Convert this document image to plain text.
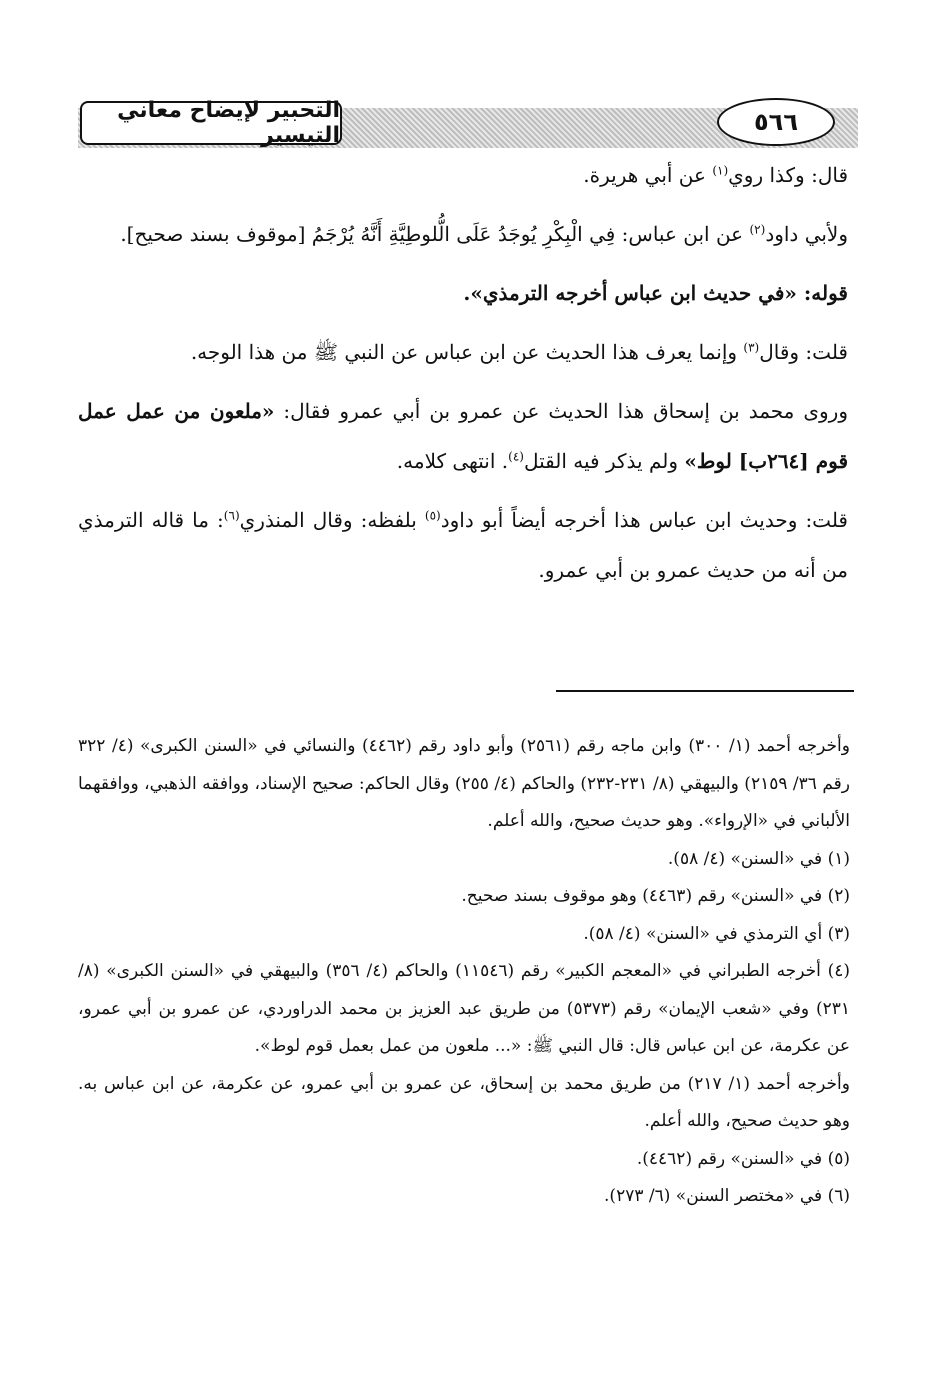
التحبير لإيضاح معاني التيسير	٥٦٦

قال: وكذا روي$^{(١)}$ عن أبي هريرة.

ولأبي داود$^{(٢)}$ عن ابن عباس: فِي الْبِكْرِ يُوجَدُ عَلَى الُّلوطِيَّةِ أَنَّهُ يُرْجَمُ [موقوف بسند صحيح].

قوله: «في حديث ابن عباس أخرجه الترمذي».

قلت: وقال$^{(٣)}$ وإنما يعرف هذا الحديث عن ابن عباس عن النبي ﷺ من هذا الوجه.

وروى محمد بن إسحاق هذا الحديث عن عمرو بن أبي عمرو فقال: «ملعون من عمل عمل قوم [٢٦٤ب] لوط» ولم يذكر فيه القتل$^{(٤)}$. انتهى كلامه.

قلت: وحديث ابن عباس هذا أخرجه أيضاً أبو داود$^{(٥)}$ بلفظه: وقال المنذري$^{(٦)}$: ما قاله الترمذي من أنه من حديث عمرو بن أبي عمرو.

وأخرجه أحمد (١/ ٣٠٠) وابن ماجه رقم (٢٥٦١) وأبو داود رقم (٤٤٦٢) والنسائي في «السنن الكبرى» (٤/ ٣٢٢ رقم ٣٦/ ٢١٥٩) والبيهقي (٨/ ٢٣١-٢٣٢) والحاكم (٤/ ٢٥٥) وقال الحاكم: صحيح الإسناد، ووافقه الذهبي، ووافقهما الألباني في «الإرواء». وهو حديث صحيح، والله أعلم.

(١) في «السنن» (٤/ ٥٨).

(٢) في «السنن» رقم (٤٤٦٣) وهو موقوف بسند صحيح.

(٣) أي الترمذي في «السنن» (٤/ ٥٨).

(٤) أخرجه الطبراني في «المعجم الكبير» رقم (١١٥٤٦) والحاكم (٤/ ٣٥٦) والبيهقي في «السنن الكبرى» (٨/ ٢٣١) وفي «شعب الإيمان» رقم (٥٣٧٣) من طريق عبد العزيز بن محمد الدراوردي، عن عمرو بن أبي عمرو، عن عكرمة، عن ابن عباس قال: قال النبي ﷺ: «... ملعون من عمل بعمل قوم لوط».

وأخرجه أحمد (١/ ٢١٧) من طريق محمد بن إسحاق، عن عمرو بن أبي عمرو، عن عكرمة، عن ابن عباس به. وهو حديث صحيح، والله أعلم.

(٥) في «السنن» رقم (٤٤٦٢).

(٦) في «مختصر السنن» (٦/ ٢٧٣).
